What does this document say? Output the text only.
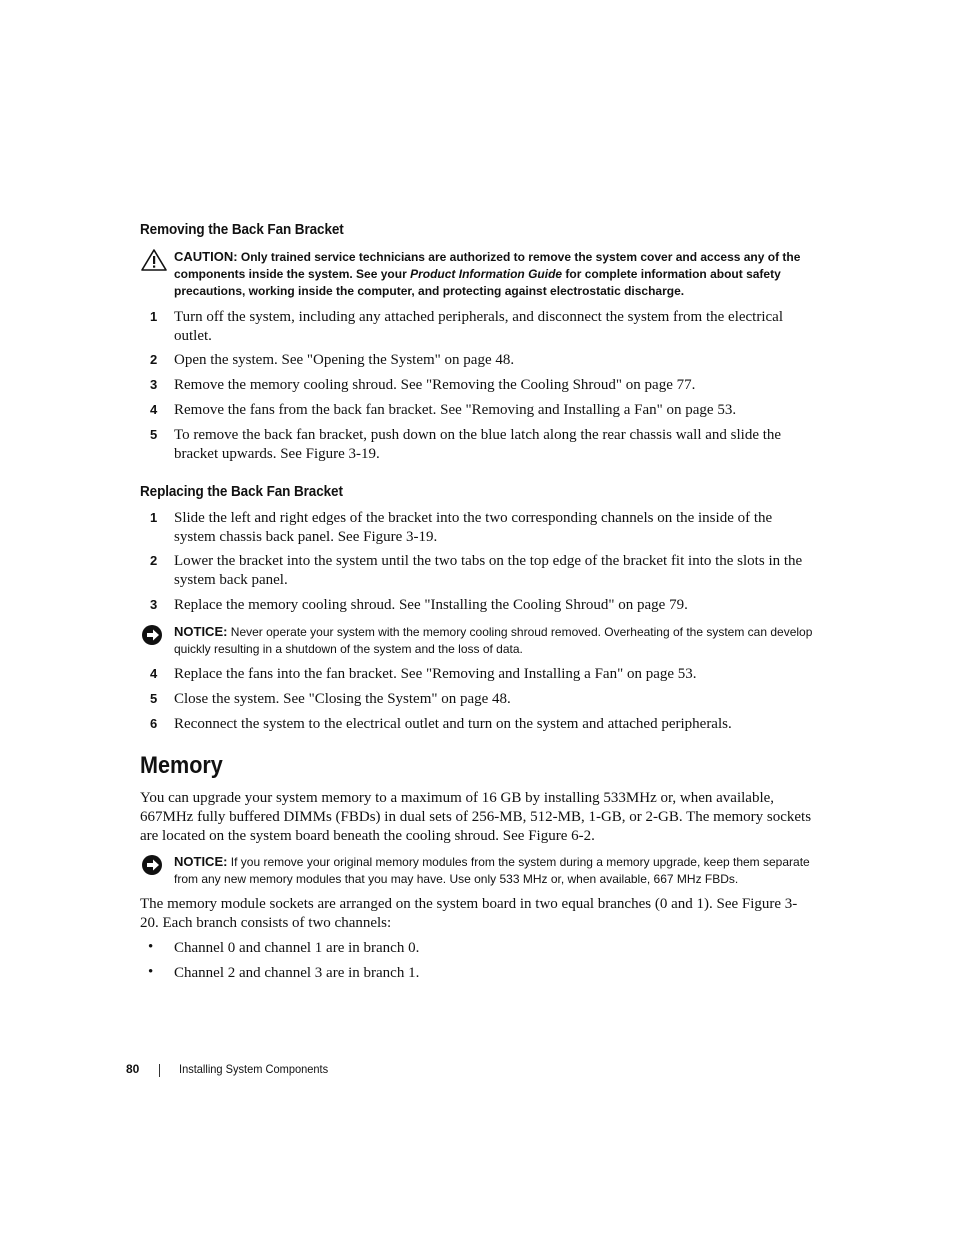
Removing the Back Fan Bracket
CAUTION: Only trained service technicians are authorized to remove the system cover and access any of the components inside the system. See your Product Information Guide for complete information about safety precautions, working inside the computer, and protecting against electrostatic discharge.
1	Turn off the system, including any attached peripherals, and disconnect the system from the electrical outlet.
2	Open the system. See "Opening the System" on page 48.
3	Remove the memory cooling shroud. See "Removing the Cooling Shroud" on page 77.
4	Remove the fans from the back fan bracket. See "Removing and Installing a Fan" on page 53.
5	To remove the back fan bracket, push down on the blue latch along the rear chassis wall and slide the bracket upwards. See Figure 3-19.
Replacing the Back Fan Bracket
1	Slide the left and right edges of the bracket into the two corresponding channels on the inside of the system chassis back panel. See Figure 3-19.
2	Lower the bracket into the system until the two tabs on the top edge of the bracket fit into the slots in the system back panel.
3	Replace the memory cooling shroud. See "Installing the Cooling Shroud" on page 79.
NOTICE: Never operate your system with the memory cooling shroud removed. Overheating of the system can develop quickly resulting in a shutdown of the system and the loss of data.
4	Replace the fans into the fan bracket. See "Removing and Installing a Fan" on page 53.
5	Close the system. See "Closing the System" on page 48.
6	Reconnect the system to the electrical outlet and turn on the system and attached peripherals.
Memory
You can upgrade your system memory to a maximum of 16 GB by installing 533MHz or, when available, 667MHz fully buffered DIMMs (FBDs) in dual sets of 256-MB, 512-MB, 1-GB, or 2-GB. The memory sockets are located on the system board beneath the cooling shroud. See Figure 6-2.
NOTICE: If you remove your original memory modules from the system during a memory upgrade, keep them separate from any new memory modules that you may have. Use only 533 MHz or, when available, 667 MHz FBDs.
The memory module sockets are arranged on the system board in two equal branches (0 and 1). See Figure 3-20. Each branch consists of two channels:
• Channel 0 and channel 1 are in branch 0.
• Channel 2 and channel 3 are in branch 1.
80	Installing System Components
